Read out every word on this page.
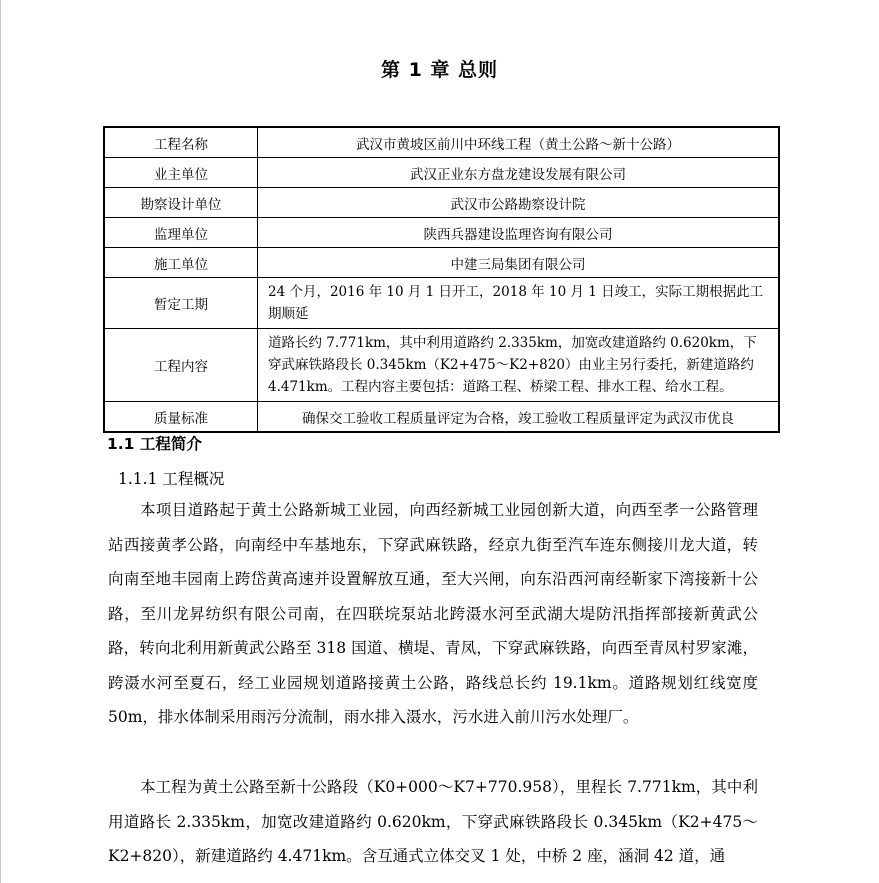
第 1 章 总则
工程名称	武汉市黄坡区前川中环线工程（黄土公路～新十公路）
业主单位	武汉正业东方盘龙建设发展有限公司
勘察设计单位	武汉市公路勘察设计院
监理单位	陕西兵器建设监理咨询有限公司
施工单位	中建三局集团有限公司
暂定工期	24 个月，2016 年 10 月 1 日开工，2018 年 10 月 1 日竣工，实际工期根据此工期顺延
工程内容	道路长约 7.771km，其中利用道路约 2.335km，加宽改建道路约 0.620km，下穿武麻铁路段长 0.345km（K2+475～K2+820）由业主另行委托，新建道路约 4.471km。工程内容主要包括：道路工程、桥梁工程、排水工程、给水工程。
质量标准	确保交工验收工程质量评定为合格，竣工验收工程质量评定为武汉市优良
1.1 工程简介
1.1.1 工程概况
本项目道路起于黄土公路新城工业园，向西经新城工业园创新大道，向西至孝一公路管理站西接黄孝公路，向南经中车基地东，下穿武麻铁路，经京九街至汽车连东侧接川龙大道，转向南至地丰园南上跨岱黄高速并设置解放互通，至大兴闸，向东沿西河南经靳家下湾接新十公路，至川龙昇纺织有限公司南，在四联垸泵站北跨滠水河至武湖大堤防汛指挥部接新黄武公路，转向北利用新黄武公路至 318 国道、横堤、青凤，下穿武麻铁路，向西至青凤村罗家滩，跨滠水河至夏石，经工业园规划道路接黄土公路，路线总长约 19.1km。道路规划红线宽度 50m，排水体制采用雨污分流制，雨水排入滠水，污水进入前川污水处理厂。
本工程为黄土公路至新十公路段（K0+000～K7+770.958），里程长 7.771km，其中利用道路长 2.335km，加宽改建道路约 0.620km，下穿武麻铁路段长 0.345km（K2+475～K2+820），新建道路约 4.471km。含互通式立体交叉 1 处，中桥 2 座，涵洞 42 道，通
